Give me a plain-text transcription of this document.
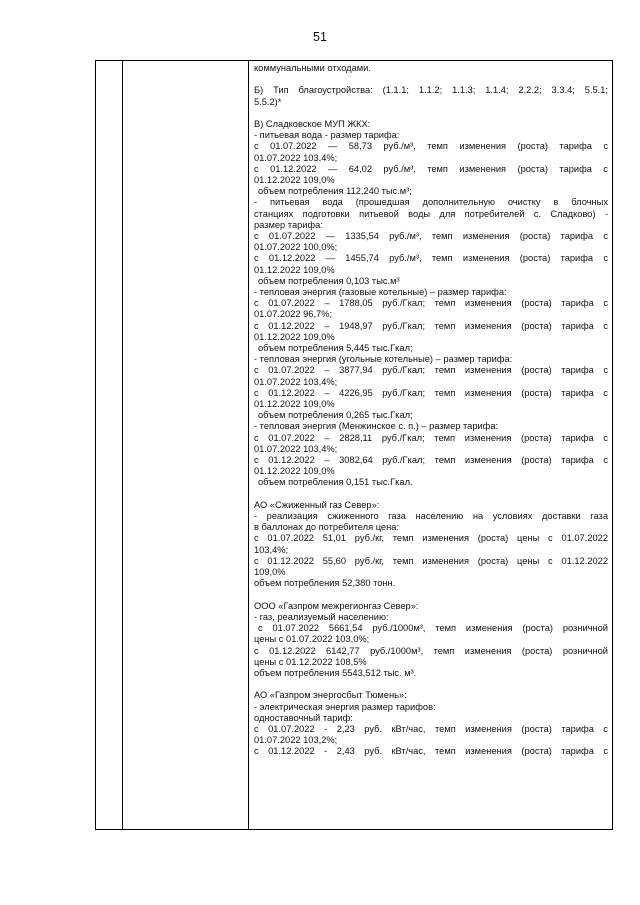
51
коммунальными отходами.
Б) Тип благоустройства: (1.1.1; 1.1.2; 1.1.3; 1.1.4; 2.2.2; 3.3.4; 5.5.1;
5.5.2)*
В) Сладковское МУП ЖКХ:
- питьевая вода - размер тарифа:
с 01.07.2022 — 58,73 руб./м³, темп изменения (роста) тарифа с
01.07.2022 103,4%;
с 01.12.2022 — 64,02 руб./м³, темп изменения (роста) тарифа с
01.12.2022 109,0%
объем потребления 112,240 тыс.м³;
- питьевая вода (прошедшая дополнительную очистку в блочных
станциях подготовки питьевой воды для потребителей с. Сладково) -
размер тарифа:
с 01.07.2022 — 1335,54 руб./м³, темп изменения (роста) тарифа с
01.07.2022 100,0%;
с 01.12.2022 — 1455,74 руб./м³, темп изменения (роста) тарифа с
01.12.2022 109,0%
объем потребления 0,103 тыс.м³
- тепловая энергия (газовые котельные) – размер тарифа:
с 01.07.2022 – 1788,05 руб./Гкал; темп изменения (роста) тарифа с
01.07.2022 96,7%;
с 01.12.2022 – 1948,97 руб./Гкал; темп изменения (роста) тарифа с
01.12.2022 109,0%
объем потребления 5,445 тыс.Гкал;
- тепловая энергия (угольные котельные) – размер тарифа:
с 01.07.2022 – 3877,94 руб./Гкал; темп изменения (роста) тарифа с
01.07.2022 103,4%;
с 01.12.2022 – 4226,95 руб./Гкал; темп изменения (роста) тарифа с
01.12.2022 109,0%
объем потребления 0,265 тыс.Гкал;
- тепловая энергия (Менжинское с. п.) – размер тарифа:
с 01.07.2022 – 2828,11 руб./Гкал; темп изменения (роста) тарифа с
01.07.2022 103,4%;
с 01.12.2022 – 3082,64 руб./Гкал; темп изменения (роста) тарифа с
01.12.2022 109,0%
объем потребления 0,151 тыс.Гкал.
АО «Сжиженный газ Север»:
- реализация сжиженного газа населению на условиях доставки газа
в баллонах до потребителя цена:
с 01.07.2022 51,01 руб./кг, темп изменения (роста) цены с 01.07.2022
103,4%;
с 01.12.2022 55,60 руб./кг, темп изменения (роста) цены с 01.12.2022
109,0%
объем потребления 52,380 тонн.
ООО «Газпром межрегионгаз Север»:
- газ, реализуемый населению:
с 01.07.2022 5661,54 руб./1000м³, темп изменения (роста) розничной
цены с 01.07.2022 103,0%;
с 01.12.2022 6142,77 руб./1000м³, темп изменения (роста) розничной
цены с 01.12.2022 108,5%
объем потребления 5543,512 тыс. м³.
АО «Газпром энергосбыт Тюмень»:
- электрическая энергия размер тарифов:
одноставочный тариф:
с 01.07.2022 - 2,23 руб. кВт/час, темп изменения (роста) тарифа с
01.07.2022 103,2%;
с 01.12.2022 - 2,43 руб. кВт/час, темп изменения (роста) тарифа с
